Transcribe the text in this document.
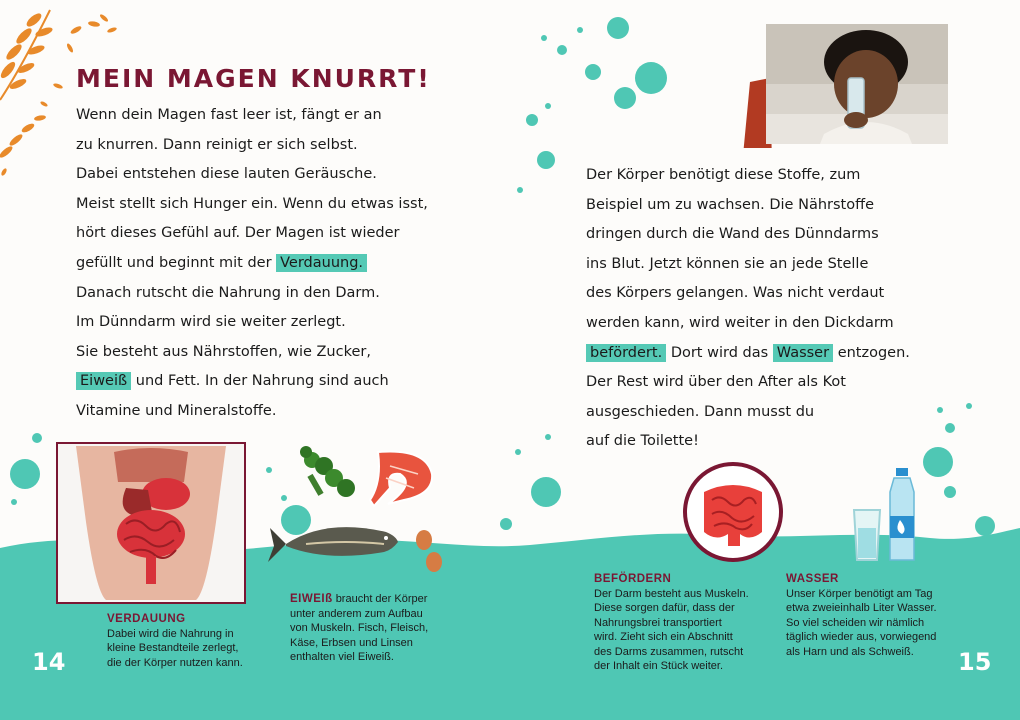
MEIN MAGEN KNURRT!
Wenn dein Magen fast leer ist, fängt er an
zu knurren. Dann reinigt er sich selbst.
Dabei entstehen diese lauten Geräusche.
Meist stellt sich Hunger ein. Wenn du etwas isst,
hört dieses Gefühl auf. Der Magen ist wieder
gefüllt und beginnt mit der Verdauung.
Danach rutscht die Nahrung in den Darm.
Im Dünndarm wird sie weiter zerlegt.
Sie besteht aus Nährstoffen, wie Zucker,
Eiweiß und Fett. In der Nahrung sind auch
Vitamine und Mineralstoffe.
Der Körper benötigt diese Stoffe, zum
Beispiel um zu wachsen. Die Nährstoffe
dringen durch die Wand des Dünndarms
ins Blut. Jetzt können sie an jede Stelle
des Körpers gelangen. Was nicht verdaut
werden kann, wird weiter in den Dickdarm
befördert. Dort wird das Wasser entzogen.
Der Rest wird über den After als Kot
ausgeschieden. Dann musst du
auf die Toilette!
VERDAUUNG
Dabei wird die Nahrung in
kleine Bestandteile zerlegt,
die der Körper nutzen kann.
EIWEIß braucht der Körper
unter anderem zum Aufbau
von Muskeln. Fisch, Fleisch,
Käse, Erbsen und Linsen
enthalten viel Eiweiß.
BEFÖRDERN
Der Darm besteht aus Muskeln.
Diese sorgen dafür, dass der
Nahrungsbrei transportiert
wird. Zieht sich ein Abschnitt
des Darms zusammen, rutscht
der Inhalt ein Stück weiter.
WASSER
Unser Körper benötigt am Tag
etwa zweieinhalb Liter Wasser.
So viel scheiden wir nämlich
täglich wieder aus, vorwiegend
als Harn und als Schweiß.
14	15
